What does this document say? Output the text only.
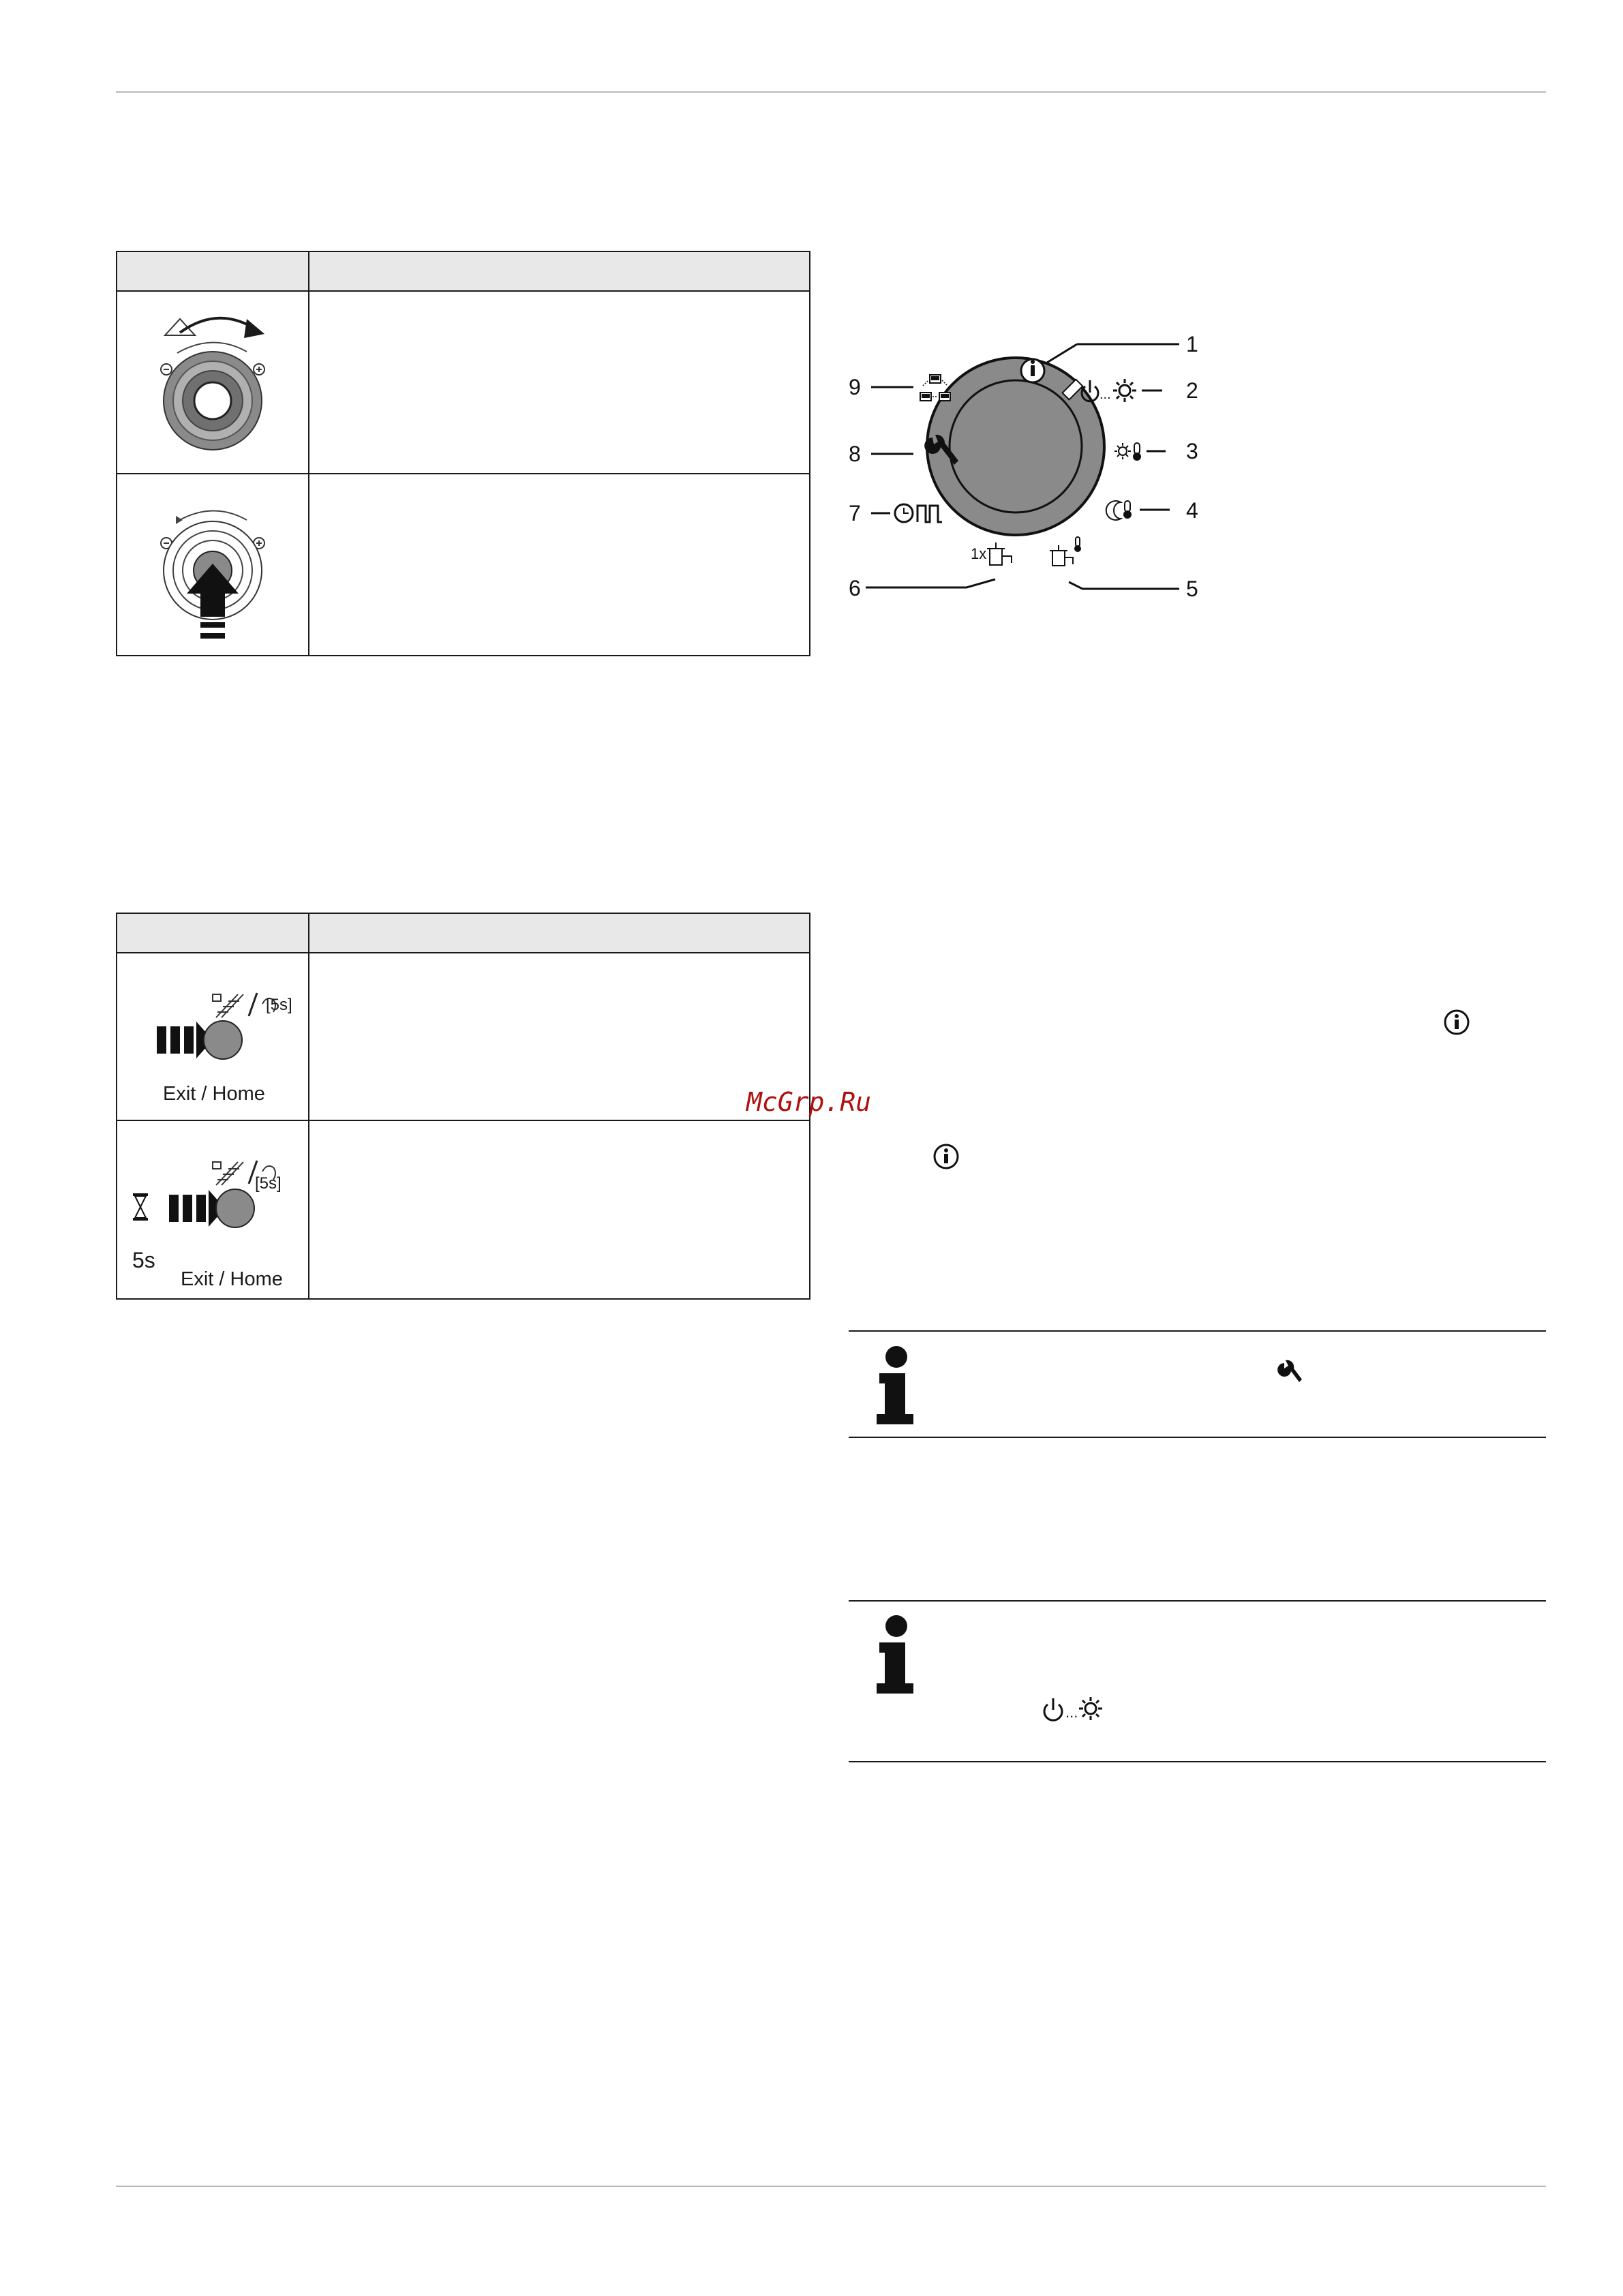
[5s]
Exit / Home
[5s]
5s
Exit / Home
McGrp.Ru
1
...	2
3
4
5
1x
6
7
8
9
...
